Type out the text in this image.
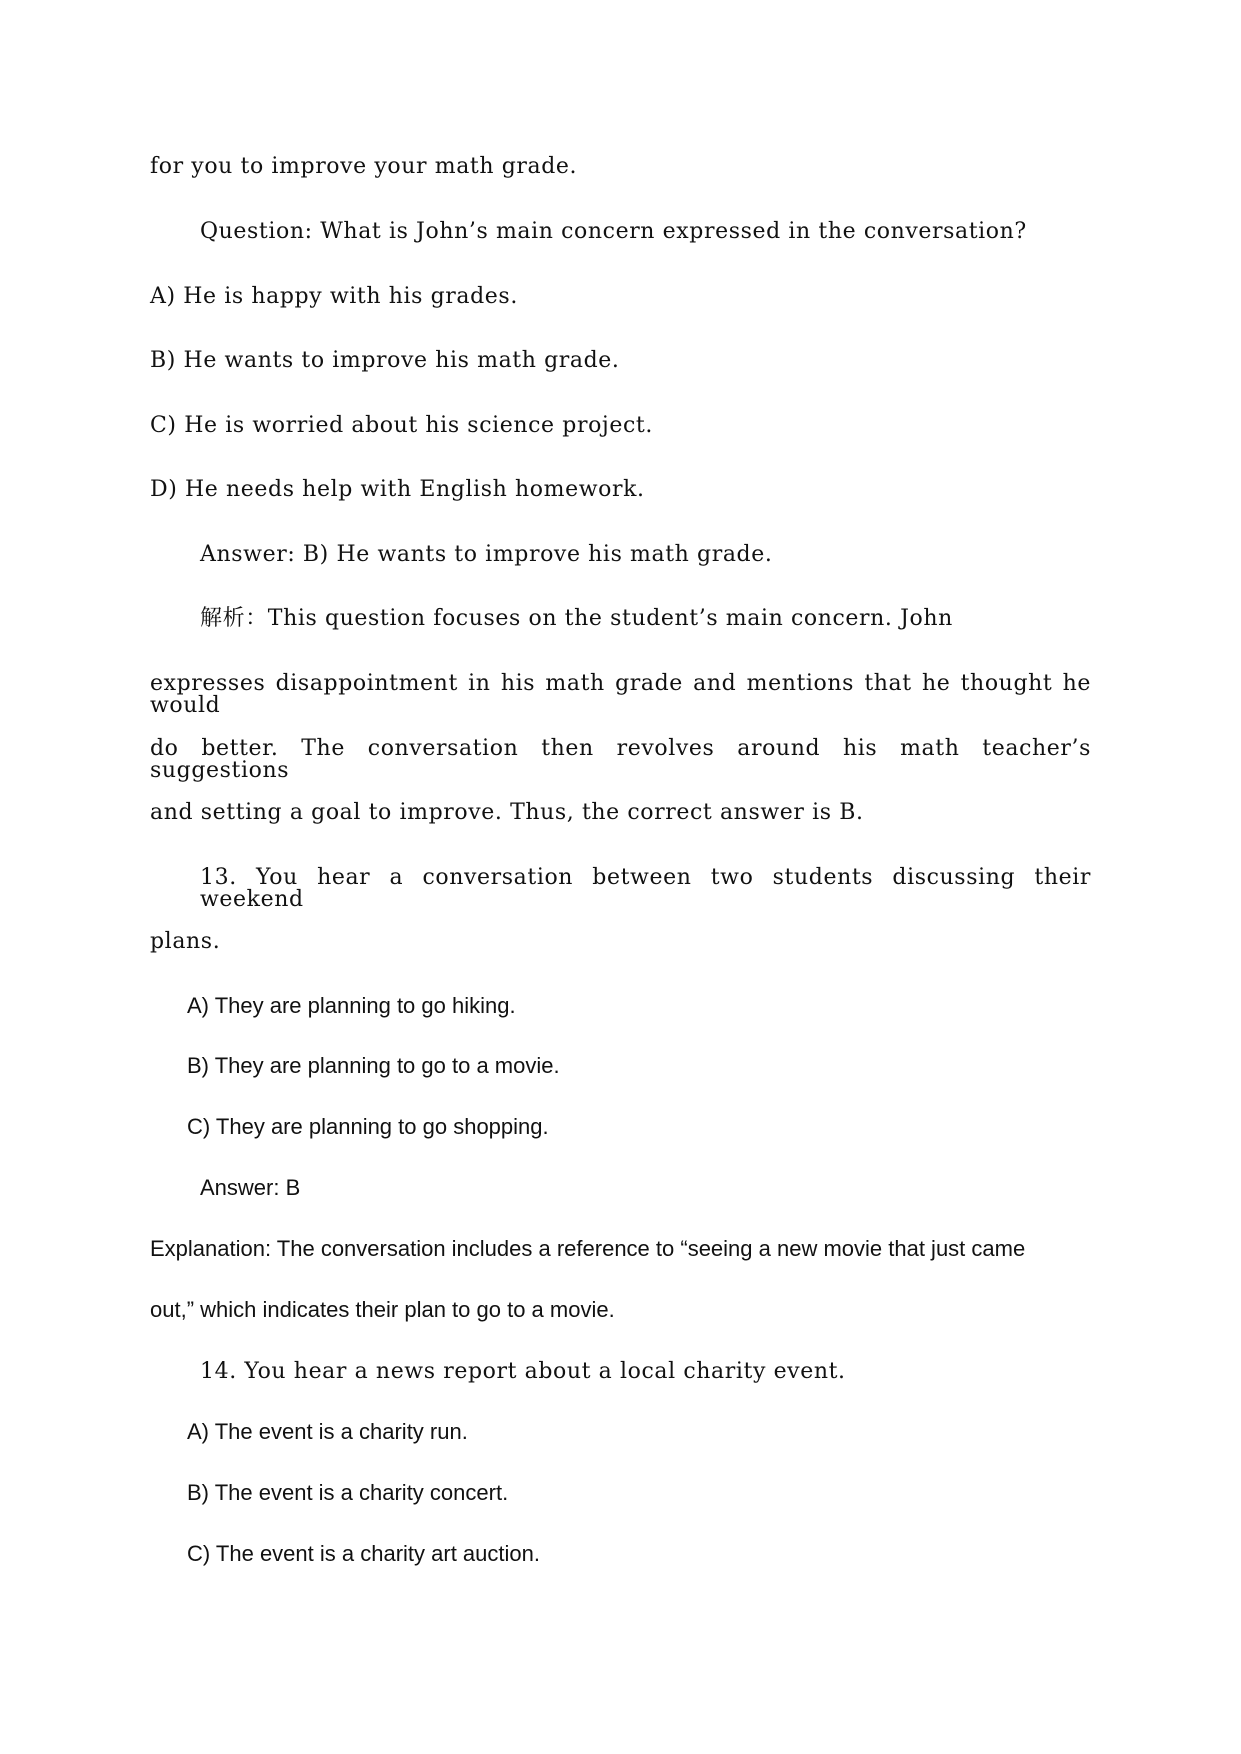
for you to improve your math grade.
Question: What is John’s main concern expressed in the conversation?
A) He is happy with his grades.
B) He wants to improve his math grade.
C) He is worried about his science project.
D) He needs help with English homework.
Answer: B) He wants to improve his math grade.
解析：This question focuses on the student’s main concern. John
expresses disappointment in his math grade and mentions that he thought he would
do better. The conversation then revolves around his math teacher’s suggestions
and setting a goal to improve. Thus, the correct answer is B.
13. You hear a conversation between two students discussing their weekend
plans.
A) They are planning to go hiking.
B) They are planning to go to a movie.
C) They are planning to go shopping.
Answer: B
Explanation: The conversation includes a reference to “seeing a new movie that just came
out,” which indicates their plan to go to a movie.
14. You hear a news report about a local charity event.
A) The event is a charity run.
B) The event is a charity concert.
C) The event is a charity art auction.
